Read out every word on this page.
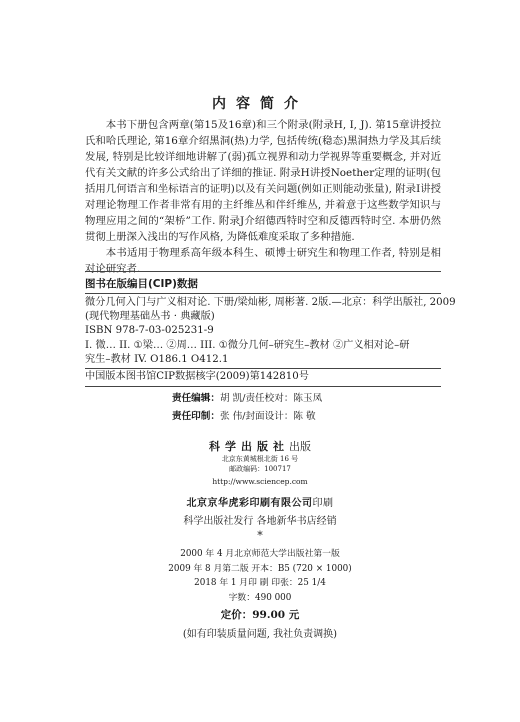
内容简介

本书下册包含两章(第15及16章)和三个附录(附录H, I, J). 第15章讲授拉氏和哈氏理论, 第16章介绍黑洞(热)力学, 包括传统(稳态)黑洞热力学及其后续发展, 特别是比较详细地讲解了(弱)孤立视界和动力学视界等重要概念, 并对近代有关文献的许多公式给出了详细的推证. 附录H讲授Noether定理的证明(包括用几何语言和坐标语言的证明)以及有关问题(例如正则能动张量), 附录I讲授对理论物理工作者非常有用的主纤维丛和伴纤维丛, 并着意于这些数学知识与物理应用之间的“架桥”工作. 附录J介绍德西特时空和反德西特时空. 本册仍然贯彻上册深入浅出的写作风格, 为降低难度采取了多种措施.

本书适用于物理系高年级本科生、硕博士研究生和物理工作者, 特别是相对论研究者.

图书在版编目(CIP)数据
微分几何入门与广义相对论. 下册/梁灿彬, 周彬著. 2版.—北京：科学出版社, 2009
(现代物理基础丛书 · 典藏版)
ISBN 978-7-03-025231-9
I. 微… II. ①梁… ②周… III. ①微分几何–研究生–教材 ②广义相对论–研
究生–教材 IV. O186.1 O412.1
中国版本图书馆CIP数据核字(2009)第142810号
责任编辑：胡 凯/责任校对：陈玉凤
责任印制：张 伟/封面设计：陈 敬
科学出版社出版
北京东黄城根北街 16 号
邮政编码：100717
http://www.sciencep.com
北京京华虎彩印刷有限公司印刷
科学出版社发行 各地新华书店经销
*
2000 年 4 月北京师范大学出版社第一版
2009 年 8 月第二版 开本：B5 (720 × 1000)
2018 年 1 月印 刷 印张：25 1/4
字数：490 000
定价：99.00 元
(如有印装质量问题, 我社负责调换)
